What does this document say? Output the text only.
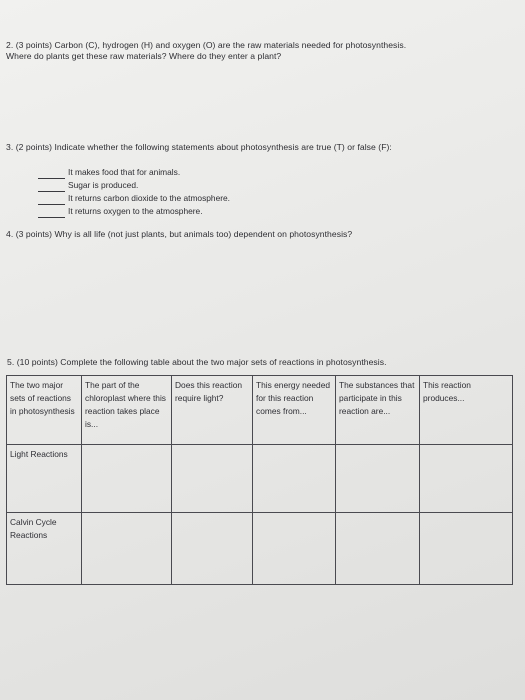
2. (3 points) Carbon (C), hydrogen (H) and oxygen (O) are the raw materials needed for photosynthesis.
Where do plants get these raw materials? Where do they enter a plant?
3. (2 points) Indicate whether the following statements about photosynthesis are true (T) or false (F):
It makes food that for animals.
Sugar is produced.
It returns carbon dioxide to the atmosphere.
It returns oxygen to the atmosphere.
4. (3 points) Why is all life (not just plants, but animals too) dependent on photosynthesis?
5. (10 points) Complete the following table about the two major sets of reactions in photosynthesis.
The two major sets of reactions in photosynthesis	The part of the chloroplast where this reaction takes place is...	Does this reaction require light?	This energy needed for this reaction comes from...	The substances that participate in this reaction are...	This reaction produces...
Light Reactions					
Calvin Cycle Reactions					
